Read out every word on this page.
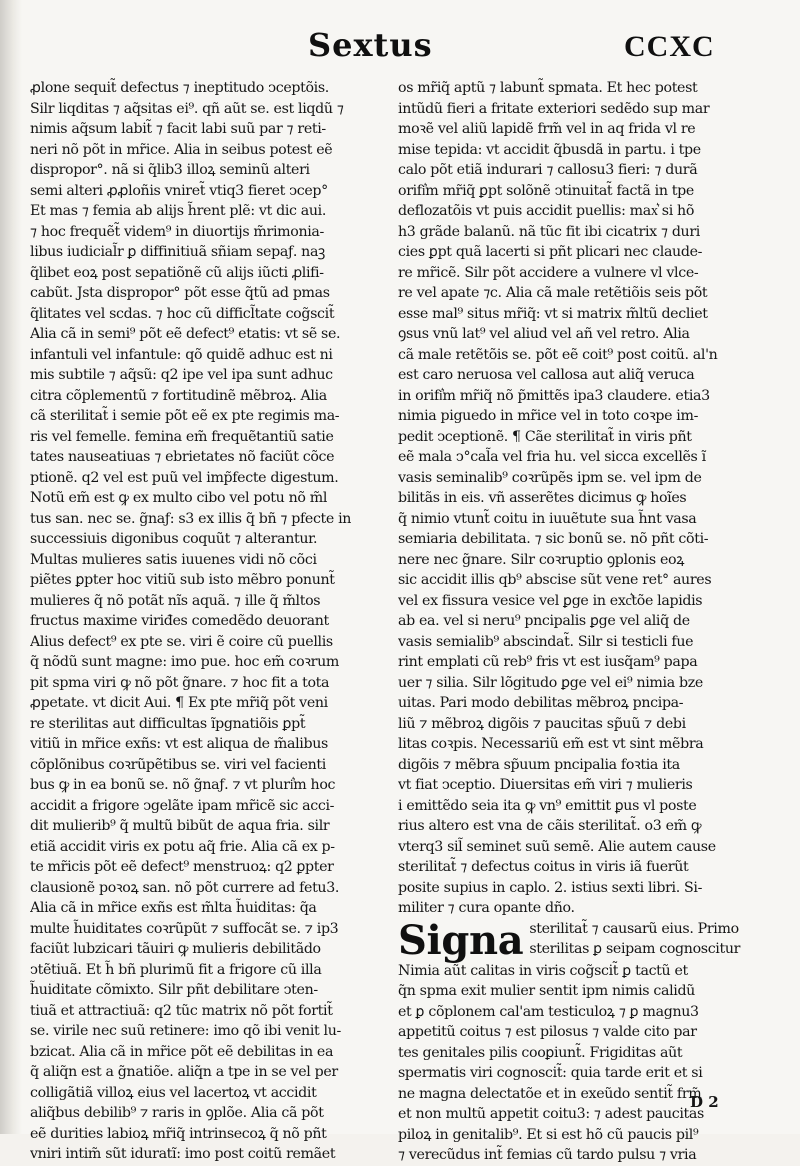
Sextus	CCXC
ꝓlone sequit̃ defectus ⁊ ineptitudo ↄceptõis.
Silr liqditas ⁊ aq̃sitas ei⁹. qñ aũt se. est liqdũ ⁊
nimis aq̃sum labit̃ ⁊ facit labi suũ par ⁊ reti-
neri nõ põt in mr̃ice. Alia in seibus potest eẽ
dispropor°. nã si q̃lib3 illoꝝ seminũ alteri
semi alteri ꝓꝓloñis vniret̃ vtiq3 fieret ↄcep°
Et mas ⁊ femia ab alijs h̃rent plẽ: vt dic aui.
⁊ hoc frequẽt̃ videm⁹ in diuortijs m̃rimonia-
libus iudicial̃r ꝑ diffinitiuã sñiam sepaƒ. naꝫ
q̃libet eoꝝ post sepatiõnẽ cũ alijs iũcti ꝓlifi-
cabũt. Jsta dispropor° põt esse q̃tũ ad pmas
q̃litates vel scdas. ⁊ hoc cũ difficl̃tate cog̃scit̃
Alia cã in semi⁹ põt eẽ defect⁹ etatis: vt sẽ se.
infantuli vel infantule: qõ quidẽ adhuc est ni
mis subtile ⁊ aq̃sũ: q2 ipe vel ipa sunt adhuc
citra cõplementũ ⁊ fortitudinẽ mẽbroꝝ. Alia
cã sterilitat̃ i semie põt eẽ ex pte regimis ma-
ris vel femelle. femina em̃ frequẽtantiũ satie
tates nauseatiuas ⁊ ebrietates nõ faciũt cõce
ptionẽ. q2 vel est puũ vel imp̃fecte digestum.
Notũ em̃ est ꝙ ex multo cibo vel potu nõ m̃l
tus san. nec se. g̃naƒ: s3 ex illis q̃ bñ ⁊ pfecte in
successiuis digonibus coquũt ⁊ alterantur.
Multas mulieres satis iuuenes vidi nõ cõci
piẽtes ꝑpter hoc vitiũ sub isto mẽbro ponunt̃
mulieres q̃ nõ potãt nĩs aquã. ⁊ ille q̃ m̃ltos
fructus maxime viriđes comedẽdo deuorant
Alius defect⁹ ex pte se. viri ẽ coire cũ puellis
q̃ nõdũ sunt magne: imo pue. hoc em̃ coꝛrum
pit spma viri ꝙ nõ põt g̃nare. ⁊ hoc fit a tota
ꝓpetate. vt dicit Aui. ¶ Ex pte mr̃iq̃ põt veni
re sterilitas aut difficultas ĩpgnatiõis ꝑpt̃
vitiũ in mr̃ice exñs: vt est aliqua de m̃alibus
cõplõnibus coꝛrũpẽtibus se. viri vel facienti
bus ꝙ in ea bonũ se. nõ g̃naƒ. ⁊ vt pluri͛m hoc
accidit a frigore ↄgelãte ipam mr̃icẽ sic acci-
dit mulierib⁹ q̃ multũ bibũt de aqua fria. silr
etiã accidit viris ex potu aq̃ frie. Alia cã ex p-
te mr̃icis põt eẽ defect⁹ menstruoꝝ: q2 ꝑpter
clausionẽ poꝛoꝝ san. nõ põt currere ad fetu3.
Alia cã in mr̃ice exñs est m̃lta h̃uiditas: q̃a
multe h̃uiditates coꝛrũpũt ⁊ suffocãt se. ⁊ ip3
faciũt lubzicari tãuiri ꝙ mulieris debilitãdo
ↄtẽtiuã. Et h̃ bñ plurimũ fit a frigore cũ illa
h̃uiditate cõmixto. Silr pñt debilitare ↄten-
tiuã et attractiuã: q2 tũc matrix nõ põt fortit̃
se. virile nec suũ retinere: imo qõ ibi venit lu-
bzicat. Alia cã in mr̃ice põt eẽ debilitas in ea
q̃ aliq̃n est a g̃natiõe. aliq̃n a tpe in se vel per
colligãtiã villoꝝ eius vel lacertoꝝ vt accidit
aliq̃bus debilib⁹ ⁊ raris in ꝯplõe. Alia cã põt
eẽ durities labioꝝ mr̃iq̃ intrinsecoꝝ q̃ nõ pñt
vniri intim̃ sũt iduratĩ: imo post coitũ remãet
os mr̃iq̃ aptũ ⁊ labunt̃ spmata. Et hec potest
intũdũ fieri a fritate exteriori sedẽdo sup mar
moꝛẽ vel aliũ lapidẽ frm̃ vel in aq frida vl re
mise tepida: vt accidit q̃busdã in partu. i tpe
calo põt etiã indurari ⁊ callosu3 fieri: ⁊ durã
orifi͛m mr̃iq̃ ꝑpt solõnẽ ↄtinuitat̃ factã in tpe
deflozatõis vt puis accidit puellis: max͛ si hõ
h3 grãde balanũ. nã tũc fit ibi cicatrix ⁊ duri
cies ꝑpt quã lacerti si pñt plicari nec claude-
re mr̃icẽ. Silr põt accidere a vulnere vl vlce-
re vel apate ⁊c. Alia cã male retẽtiõis seis põt
esse mal⁹ situs mr̃iq̃: vt si matrix m̃ltũ decliet
ꝯsus vnũ lat⁹ vel aliud vel añ vel retro. Alia
cã male retẽtõis se. põt eẽ coit⁹ post coitũ. al'n
est caro neruosa vel callosa aut aliq̃ veruca
in orifi͛m mr̃iq̃ nõ p̃mittẽs ipa3 claudere. etia3
nimia piguedo in mr̃ice vel in toto coꝛpe im-
pedit ↄceptionẽ. ¶ Cãe sterilitat̃ in viris pñt
eẽ mala ↄ°cal̃a vel fria hu. vel sicca excellẽs ĩ
vasis seminalib⁹ coꝛrũpẽs ipm se. vel ipm de
bilitãs in eis. vñ asserẽtes dicimus ꝙ hoĩes
q̃ nimio vtunt̃ coitu in iuuẽtute sua h̃nt vasa
semiaria debilitata. ⁊ sic bonũ se. nõ pñt cõti-
nere nec g̃nare. Silr coꝛruptio ꝯplonis eoꝝ
sic accidit illis qb⁹ abscise sũt vene ret° aures
vel ex fissura vesice vel ꝑge in exc͛tõe lapidis
ab ea. vel si neru⁹ pncipalis ꝑge vel aliq̃ de
vasis semialib⁹ abscindat̃. Silr si testicli fue
rint emplati cũ reb⁹ fris vt est iusq̃am⁹ papa
uer ⁊ silia. Silr lõgitudo ꝑge vel ei⁹ nimia bze
uitas. Pari modo debilitas mẽbroꝝ pncipa-
liũ ⁊ mẽbroꝝ digõis ⁊ paucitas sp̃uũ ⁊ debi
litas coꝛpis. Necessariũ em̃ est vt sint mẽbra
digõis ⁊ mẽbra sp̃uum pncipalia foꝛtia ita
vt fiat ↄceptio. Diuersitas em̃ viri ⁊ mulieris
i emittẽdo seia ita ꝙ vn⁹ emittit ꝑus vl poste
rius altero est vna de cãis sterilitat̃. o3 em̃ ꝙ
vterq3 sil̃ seminet suũ semẽ. Alie autem cause
sterilitat̃ ⁊ defectus coitus in viris iã fuerũt
posite supius in caplo. 2. istius sexti libri. Si-
militer ⁊ cura opante dño.
Signa sterilitat̃ ⁊ causarũ eius. Primo
sterilitas ꝑ seipam cognoscitur
Nimia aũt calitas in viris cog̃scit̃ ꝑ tactũ et
q̃n spma exit mulier sentit ipm nimis calidũ
et ꝑ cõplonem cal'am testiculoꝝ ⁊ ꝑ magnu3
appetitũ coitus ⁊ est pilosus ⁊ valde cito par
tes genitales pilis cooꝑiunt̃. Frigiditas aũt
spermatis viri cognoscit̃: quia tarde erit et si
ne magna delectatõe et in exeũdo sentit̃ frm̃
et non multũ appetit coitu3: ⁊ adest paucitas
piloꝝ in genitalib⁹. Et si est hõ cũ paucis pil⁹
⁊ verecũdus int̃ femias cũ tardo pulsu ⁊ vria
D 2
